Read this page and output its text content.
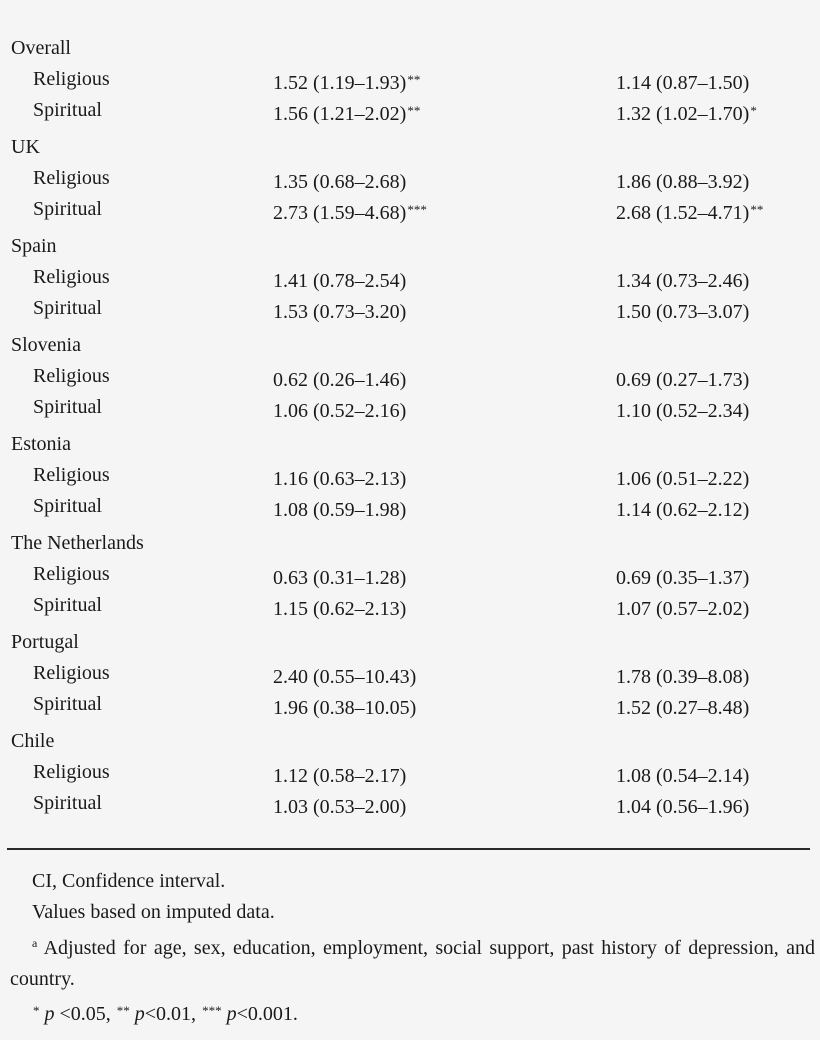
Overall
Religious	1.52 (1.19–1.93)**	1.14 (0.87–1.50)
Spiritual	1.56 (1.21–2.02)**	1.32 (1.02–1.70)*
UK
Religious	1.35 (0.68–2.68)	1.86 (0.88–3.92)
Spiritual	2.73 (1.59–4.68)***	2.68 (1.52–4.71)**
Spain
Religious	1.41 (0.78–2.54)	1.34 (0.73–2.46)
Spiritual	1.53 (0.73–3.20)	1.50 (0.73–3.07)
Slovenia
Religious	0.62 (0.26–1.46)	0.69 (0.27–1.73)
Spiritual	1.06 (0.52–2.16)	1.10 (0.52–2.34)
Estonia
Religious	1.16 (0.63–2.13)	1.06 (0.51–2.22)
Spiritual	1.08 (0.59–1.98)	1.14 (0.62–2.12)
The Netherlands
Religious	0.63 (0.31–1.28)	0.69 (0.35–1.37)
Spiritual	1.15 (0.62–2.13)	1.07 (0.57–2.02)
Portugal
Religious	2.40 (0.55–10.43)	1.78 (0.39–8.08)
Spiritual	1.96 (0.38–10.05)	1.52 (0.27–8.48)
Chile
Religious	1.12 (0.58–2.17)	1.08 (0.54–2.14)
Spiritual	1.03 (0.53–2.00)	1.04 (0.56–1.96)
CI, Confidence interval.
Values based on imputed data.
$^a$ Adjusted for age, sex, education, employment, social support, past history of depression, and country.
* p <0.05, ** p<0.01, *** p<0.001.
